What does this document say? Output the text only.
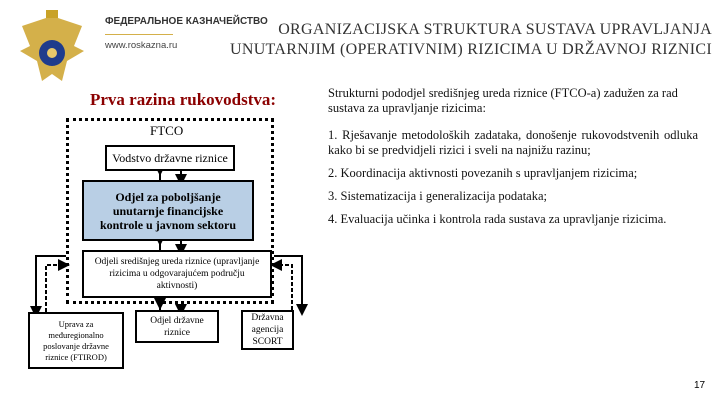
ФЕДЕРАЛЬНОЕ КАЗНАЧЕЙСТВО
www.roskazna.ru
ORGANIZACIJSKA STRUKTURA SUSTAVA UPRAVLJANJA
UNUTARNJIM (OPERATIVNIM) RIZICIMA U DRŽAVNOJ RIZNICI
Prva razina rukovodstva:
FTCO
Vodstvo državne riznice
Odjel za poboljšanje unutarnje financijske kontrole u javnom sektoru
Odjeli središnjeg ureda riznice (upravljanje rizicima u odgovarajućem području aktivnosti)
Uprava za međuregionalno poslovanje državne riznice (FTIROD)
Odjel državne riznice
Državna agencija SCORT

Strukturni pododjel središnjeg ureda riznice (FTCO-a) zadužen za rad sustava za upravljanje rizicima:

1. Rješavanje metodoloških zadataka, donošenje rukovodstvenih odluka kako bi se predvidjeli rizici i sveli na najnižu razinu;

2. Koordinacija aktivnosti povezanih s upravljanjem rizicima;

3. Sistematizacija i generalizacija podataka;

4. Evaluacija učinka i kontrola rada sustava za upravljanje rizicima.

17
